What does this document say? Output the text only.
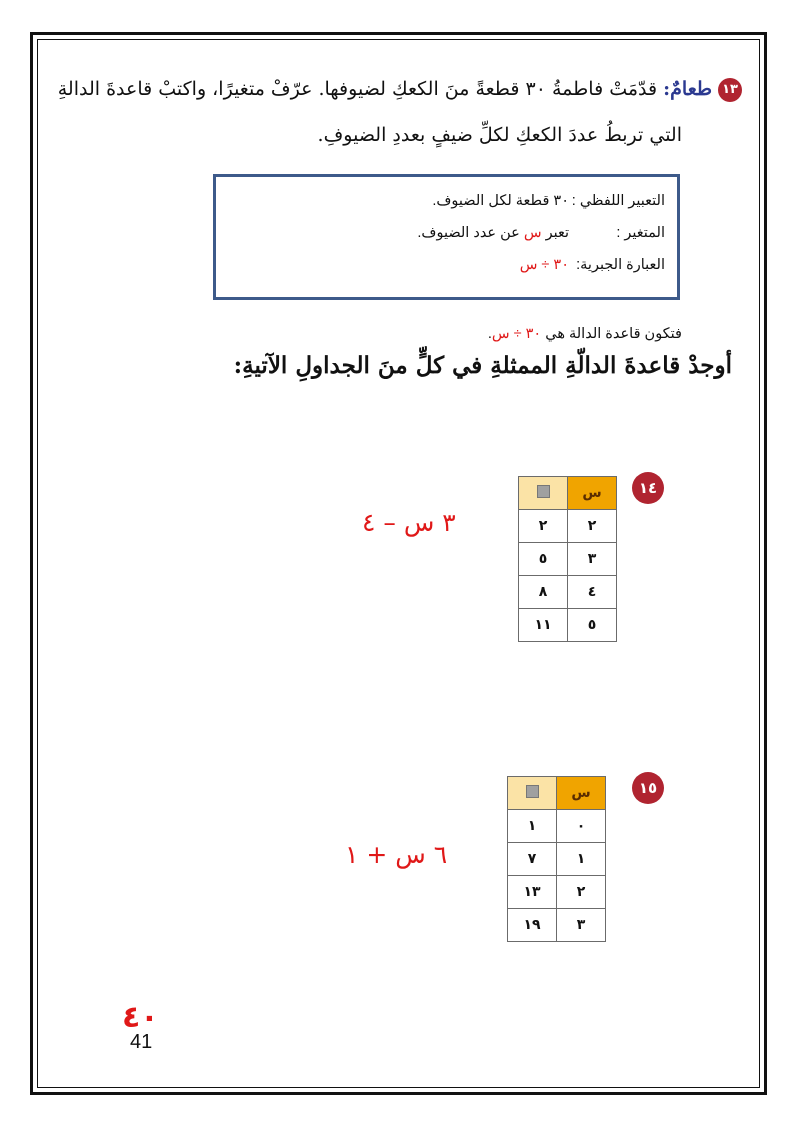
١٣طعامٌ: قدّمَتْ فاطمةُ ٣٠ قطعةً منَ الكعكِ لضيوفها. عرّفْ متغيرًا، واكتبْ قاعدةَ الدالةِ
التي تربطُ عددَ الكعكِ لكلِّ ضيفٍ بعددِ الضيوفِ.
التعبير اللفظي :
٣٠ قطعة لكل الضيوف.
المتغير :
تعبر

س

عن عدد الضيوف.
العبارة الجبرية:
٣٠ ÷ س
فتكون قاعدة الدالة هي ٣٠ ÷ س.
أوجدْ قاعدةَ الدالّةِ الممثلةِ في كلٍّ منَ الجداولِ الآتيةِ:
١٤
س	
٢	٢
٣	٥
٤	٨
٥	١١
٣ س – ٤
١٥
س	
٠	١
١	٧
٢	١٣
٣	١٩
٦ س + ١
٤٠
41
